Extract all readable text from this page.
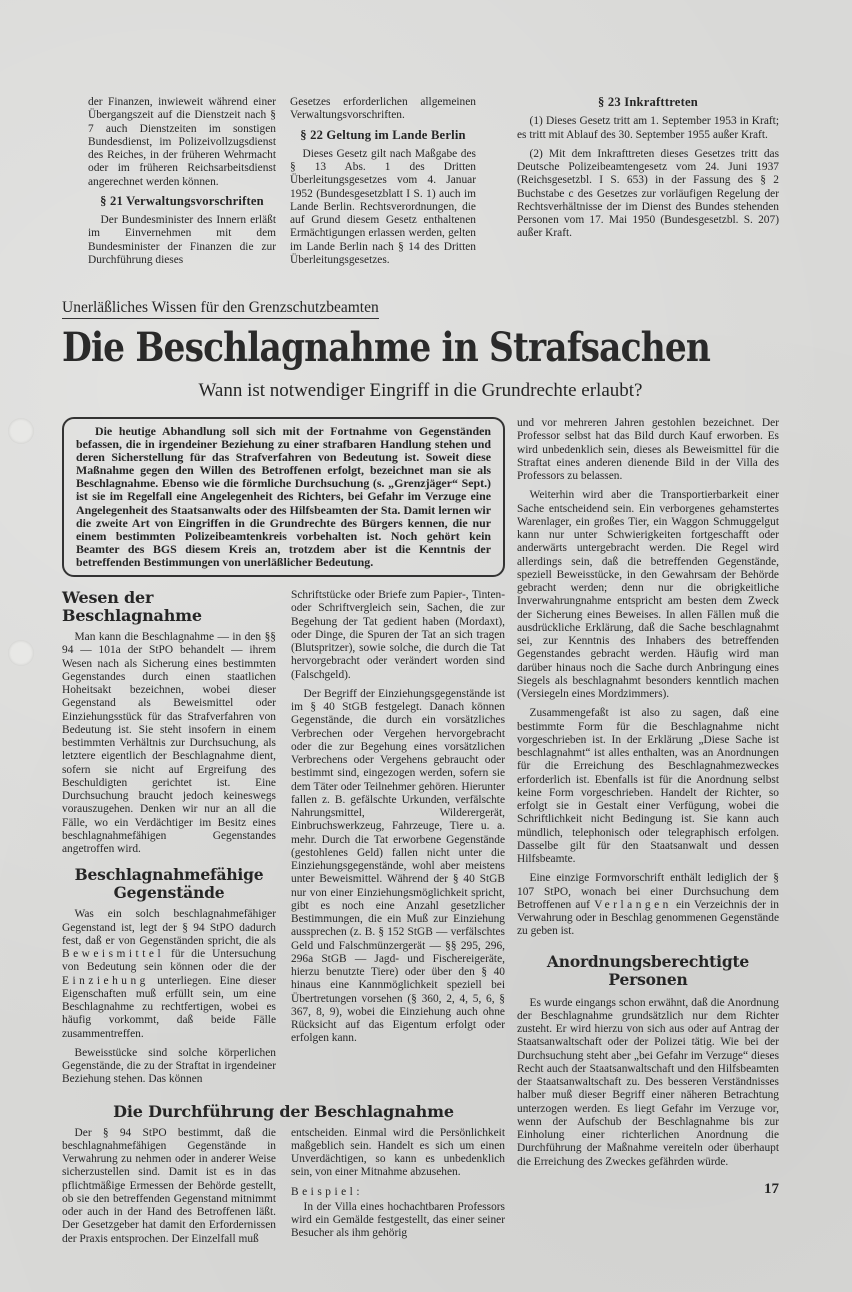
der Finanzen, inwieweit während einer Übergangszeit auf die Dienstzeit nach § 7 auch Dienstzeiten im sonstigen Bundesdienst, im Polizeivollzugsdienst des Reiches, in der früheren Wehrmacht oder im früheren Reichsarbeitsdienst angerechnet werden können.

§ 21 Verwaltungsvorschriften

Der Bundesminister des Innern erläßt im Einvernehmen mit dem Bundesminister der Finanzen die zur Durchführung dieses

Gesetzes erforderlichen allgemeinen Verwaltungsvorschriften.

§ 22 Geltung im Lande Berlin

Dieses Gesetz gilt nach Maßgabe des § 13 Abs. 1 des Dritten Überleitungsgesetzes vom 4. Januar 1952 (Bundesgesetzblatt I S. 1) auch im Lande Berlin. Rechtsverordnungen, die auf Grund diesem Gesetz enthaltenen Ermächtigungen erlassen werden, gelten im Lande Berlin nach § 14 des Dritten Überleitungsgesetzes.

§ 23 Inkrafttreten

(1) Dieses Gesetz tritt am 1. September 1953 in Kraft; es tritt mit Ablauf des 30. September 1955 außer Kraft.

(2) Mit dem Inkrafttreten dieses Gesetzes tritt das Deutsche Polizeibeamtengesetz vom 24. Juni 1937 (Reichsgesetzbl. I S. 653) in der Fassung des § 2 Buchstabe c des Gesetzes zur vorläufigen Regelung der Rechtsverhältnisse der im Dienst des Bundes stehenden Personen vom 17. Mai 1950 (Bundesgesetzbl. S. 207) außer Kraft.

Unerläßliches Wissen für den Grenzschutzbeamten
Die Beschlagnahme in Strafsachen
Wann ist notwendiger Eingriff in die Grundrechte erlaubt?

Die heutige Abhandlung soll sich mit der Fortnahme von Gegenständen befassen, die in irgendeiner Beziehung zu einer strafbaren Handlung stehen und deren Sicherstellung für das Strafverfahren von Bedeutung ist. Soweit diese Maßnahme gegen den Willen des Betroffenen erfolgt, bezeichnet man sie als Beschlagnahme. Ebenso wie die förmliche Durchsuchung (s. „Grenzjäger“ Sept.) ist sie im Regelfall eine Angelegenheit des Richters, bei Gefahr im Verzuge eine Angelegenheit des Staatsanwalts oder des Hilfsbeamten der Sta. Damit lernen wir die zweite Art von Eingriffen in die Grundrechte des Bürgers kennen, die nur einem bestimmten Polizeibeamtenkreis vorbehalten ist. Noch gehört kein Beamter des BGS diesem Kreis an, trotzdem aber ist die Kenntnis der betreffenden Bestimmungen von unerläßlicher Bedeutung.

Wesen der Beschlagnahme

Man kann die Beschlagnahme — in den §§ 94 — 101a der StPO behandelt — ihrem Wesen nach als Sicherung eines bestimmten Gegenstandes durch einen staatlichen Hoheitsakt bezeichnen, wobei dieser Gegenstand als Beweismittel oder Einziehungsstück für das Strafverfahren von Bedeutung ist. Sie steht insofern in einem bestimmten Verhältnis zur Durchsuchung, als letztere eigentlich der Beschlagnahme dient, sofern sie nicht auf Ergreifung des Beschuldigten gerichtet ist. Eine Durchsuchung braucht jedoch keineswegs vorauszugehen. Denken wir nur an all die Fälle, wo ein Verdächtiger im Besitz eines beschlagnahmefähigen Gegenstandes angetroffen wird.

Beschlagnahmefähige Gegenstände

Was ein solch beschlagnahmefähiger Gegenstand ist, legt der § 94 StPO dadurch fest, daß er von Gegenständen spricht, die als Beweismittel für die Untersuchung von Bedeutung sein können oder die der Einziehung unterliegen. Eine dieser Eigenschaften muß erfüllt sein, um eine Beschlagnahme zu rechtfertigen, wobei es häufig vorkommt, daß beide Fälle zusammentreffen.

Beweisstücke sind solche körperlichen Gegenstände, die zu der Straftat in irgendeiner Beziehung stehen. Das können

Schriftstücke oder Briefe zum Papier-, Tinten- oder Schriftvergleich sein, Sachen, die zur Begehung der Tat gedient haben (Mordaxt), oder Dinge, die Spuren der Tat an sich tragen (Blutspritzer), sowie solche, die durch die Tat hervorgebracht oder verändert worden sind (Falschgeld).

Der Begriff der Einziehungsgegenstände ist im § 40 StGB festgelegt. Danach können Gegenstände, die durch ein vorsätzliches Verbrechen oder Vergehen hervorgebracht oder die zur Begehung eines vorsätzlichen Verbrechens oder Vergehens gebraucht oder bestimmt sind, eingezogen werden, sofern sie dem Täter oder Teilnehmer gehören. Hierunter fallen z. B. gefälschte Urkunden, verfälschte Nahrungsmittel, Wilderergerät, Einbruchswerkzeug, Fahrzeuge, Tiere u. a. mehr. Durch die Tat erworbene Gegenstände (gestohlenes Geld) fallen nicht unter die Einziehungsgegenstände, wohl aber meistens unter Beweismittel. Während der § 40 StGB nur von einer Einziehungsmöglichkeit spricht, gibt es noch eine Anzahl gesetzlicher Bestimmungen, die ein Muß zur Einziehung aussprechen (z. B. § 152 StGB — verfälschtes Geld und Falschmünzergerät — §§ 295, 296, 296a StGB — Jagd- und Fischereigeräte, hierzu benutzte Tiere) oder über den § 40 hinaus eine Kannmöglichkeit speziell bei Übertretungen vorsehen (§ 360, 2, 4, 5, 6, § 367, 8, 9), wobei die Einziehung auch ohne Rücksicht auf das Eigentum erfolgt oder erfolgen kann.

Die Durchführung der Beschlagnahme

Der § 94 StPO bestimmt, daß die beschlagnahmefähigen Gegenstände in Verwahrung zu nehmen oder in anderer Weise sicherzustellen sind. Damit ist es in das pflichtmäßige Ermessen der Behörde gestellt, ob sie den betreffenden Gegenstand mitnimmt oder auch in der Hand des Betroffenen läßt. Der Gesetzgeber hat damit den Erfordernissen der Praxis entsprochen. Der Einzelfall muß

entscheiden. Einmal wird die Persönlichkeit maßgeblich sein. Handelt es sich um einen Unverdächtigen, so kann es unbedenklich sein, von einer Mitnahme abzusehen.

Beispiel:

In der Villa eines hochachtbaren Professors wird ein Gemälde festgestellt, das einer seiner Besucher als ihm gehörig

und vor mehreren Jahren gestohlen bezeichnet. Der Professor selbst hat das Bild durch Kauf erworben. Es wird unbedenklich sein, dieses als Beweismittel für die Straftat eines anderen dienende Bild in der Villa des Professors zu belassen.

Weiterhin wird aber die Transportierbarkeit einer Sache entscheidend sein. Ein verborgenes gehamstertes Warenlager, ein großes Tier, ein Waggon Schmuggelgut kann nur unter Schwierigkeiten fortgeschafft oder anderwärts untergebracht werden. Die Regel wird allerdings sein, daß die betreffenden Gegenstände, speziell Beweisstücke, in den Gewahrsam der Behörde gebracht werden; denn nur die obrigkeitliche Inverwahrungnahme entspricht am besten dem Zweck der Sicherung eines Beweises. In allen Fällen muß die ausdrückliche Erklärung, daß die Sache beschlagnahmt sei, zur Kenntnis des Inhabers des betreffenden Gegenstandes gebracht werden. Häufig wird man darüber hinaus noch die Sache durch Anbringung eines Siegels als beschlagnahmt besonders kenntlich machen (Versiegeln eines Mordzimmers).

Zusammengefaßt ist also zu sagen, daß eine bestimmte Form für die Beschlagnahme nicht vorgeschrieben ist. In der Erklärung „Diese Sache ist beschlagnahmt“ ist alles enthalten, was an Anordnungen für die Erreichung des Beschlagnahmezweckes erforderlich ist. Ebenfalls ist für die Anordnung selbst keine Form vorgeschrieben. Handelt der Richter, so erfolgt sie in Gestalt einer Verfügung, wobei die Schriftlichkeit nicht Bedingung ist. Sie kann auch mündlich, telephonisch oder telegraphisch erfolgen. Dasselbe gilt für den Staatsanwalt und dessen Hilfsbeamte.

Eine einzige Formvorschrift enthält lediglich der § 107 StPO, wonach bei einer Durchsuchung dem Betroffenen auf Verlangen ein Verzeichnis der in Verwahrung oder in Beschlag genommenen Gegenstände zu geben ist.

Anordnungsberechtigte Personen

Es wurde eingangs schon erwähnt, daß die Anordnung der Beschlagnahme grundsätzlich nur dem Richter zusteht. Er wird hierzu von sich aus oder auf Antrag der Staatsanwaltschaft oder der Polizei tätig. Wie bei der Durchsuchung steht aber „bei Gefahr im Verzuge“ dieses Recht auch der Staatsanwaltschaft und den Hilfsbeamten der Staatsanwaltschaft zu. Des besseren Verständnisses halber muß dieser Begriff einer näheren Betrachtung unterzogen werden. Es liegt Gefahr im Verzuge vor, wenn der Aufschub der Beschlagnahme bis zur Einholung einer richterlichen Anordnung die Durchführung der Maßnahme vereiteln oder überhaupt die Erreichung des Zweckes gefährden würde.

17
